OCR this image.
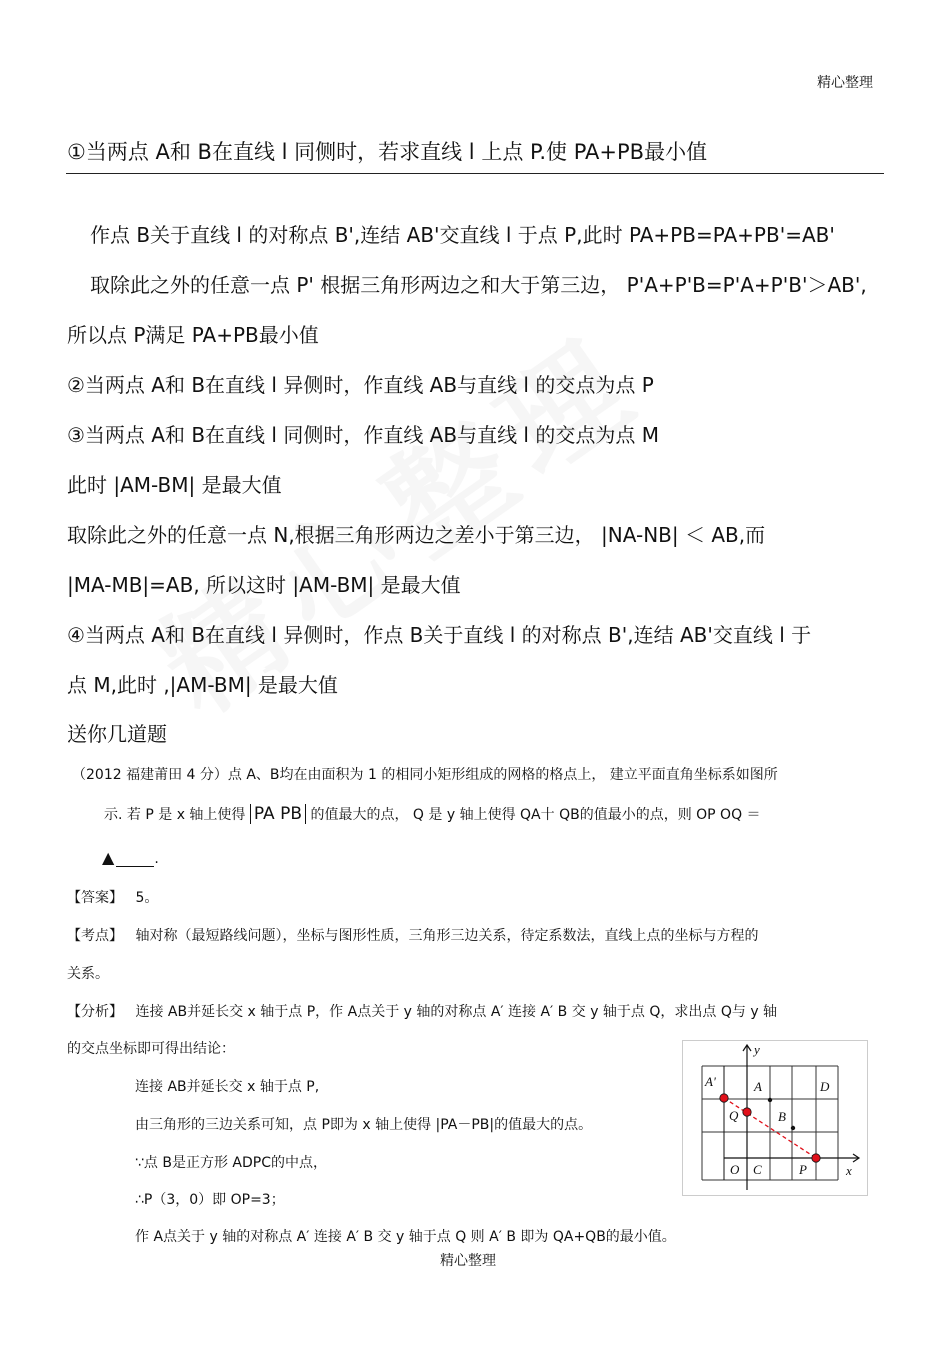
精心整理
①当两点 A和 B在直线 l 同侧时，若求直线 l 上点 P.使 PA+PB最小值
作点 B关于直线 l 的对称点 B',连结 AB'交直线 l 于点 P,此时 PA+PB=PA+PB'=AB'
取除此之外的任意一点 P' 根据三角形两边之和大于第三边， P'A+P'B=P'A+P'B'＞AB',
所以点 P满足 PA+PB最小值
②当两点 A和 B在直线 l 异侧时，作直线 AB与直线 l 的交点为点 P
③当两点 A和 B在直线 l 同侧时，作直线 AB与直线 l 的交点为点 M
此时 |AM-BM| 是最大值
取除此之外的任意一点 N,根据三角形两边之差小于第三边， |NA-NB| ＜ AB,而
|MA-MB|=AB, 所以这时 |AM-BM| 是最大值
④当两点 A和 B在直线 l 异侧时，作点 B关于直线 l 的对称点 B',连结 AB'交直线 l 于
点 M,此时 ,|AM-BM| 是最大值
送你几道题
（2012 福建莆田 4 分）点 A、B均在由面积为 1 的相同小矩形组成的网格的格点上， 建立平面直角坐标系如图所
示. 若 P 是 x 轴上使得 PA PB 的值最大的点， Q 是 y 轴上使得 QA十 QB的值最小的点，则 OP OQ ＝
▲	.
【答案】 5。
【考点】 轴对称（最短路线问题），坐标与图形性质，三角形三边关系，待定系数法，直线上点的坐标与方程的
关系。
【分析】 连接 AB并延长交 x 轴于点 P，作 A点关于 y 轴的对称点 A′ 连接 A′ B 交 y 轴于点 Q，求出点 Q与 y 轴
的交点坐标即可得出结论：
连接 AB并延长交 x 轴于点 P,
由三角形的三边关系可知，点 P即为 x 轴上使得 |PA－PB|的值最大的点。
∵点 B是正方形 ADPC的中点，
∴P（3，0）即 OP=3；
作 A点关于 y 轴的对称点 A′ 连接 A′ B 交 y 轴于点 Q 则 A′ B 即为 QA+QB的最小值。
y
x
A'	A	D
Q	B
O C	P
精心整理
